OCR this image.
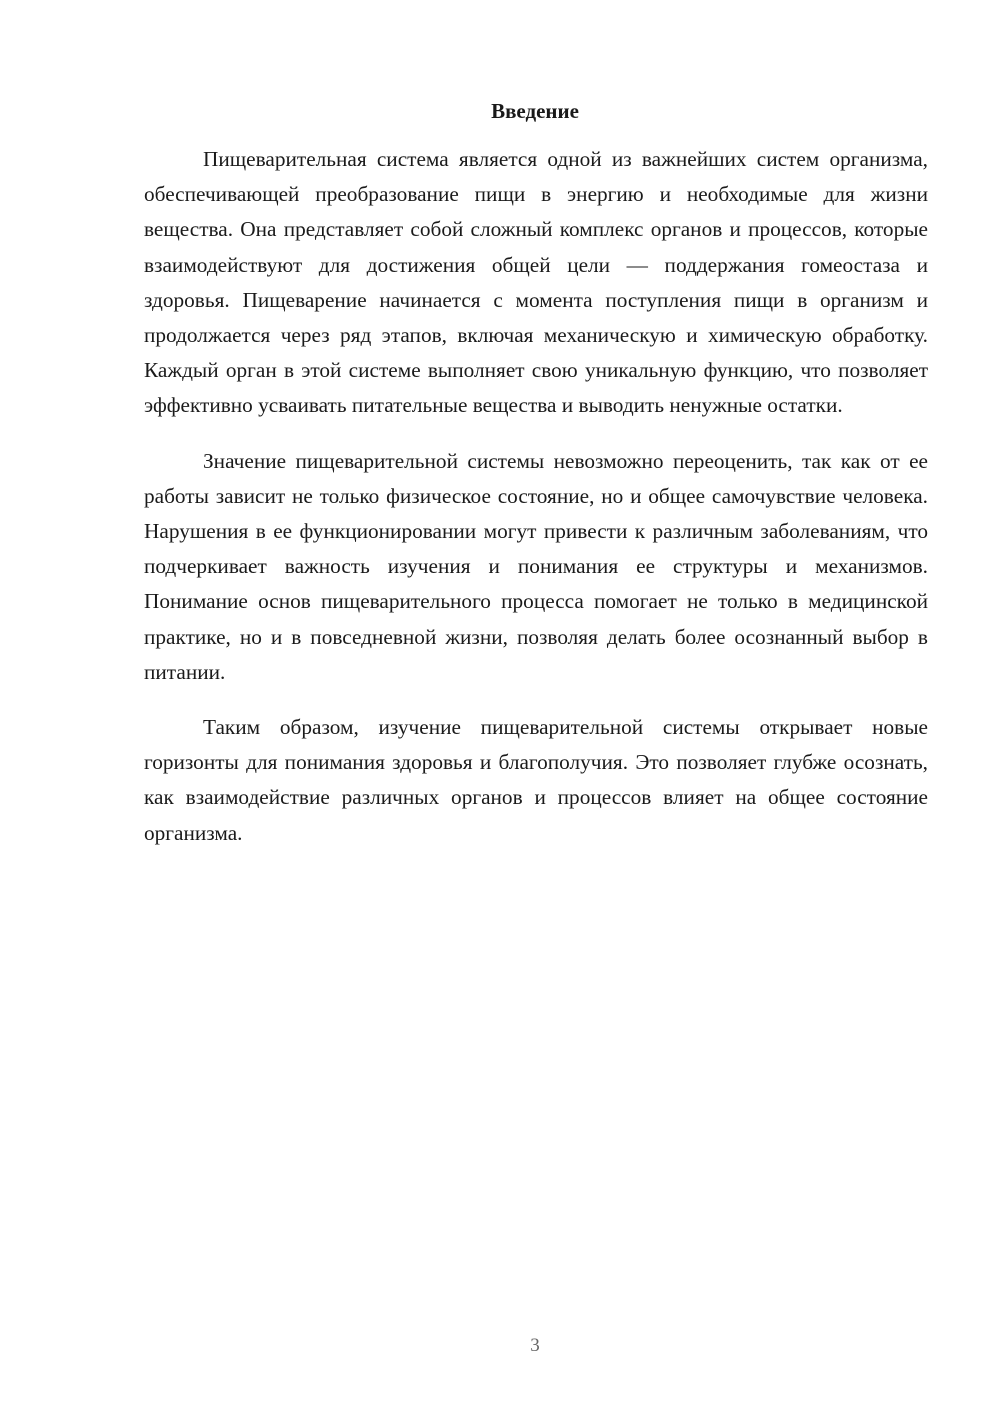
Введение

Пищеварительная система является одной из важнейших систем организма, обеспечивающей преобразование пищи в энергию и необходимые для жизни вещества. Она представляет собой сложный комплекс органов и процессов, которые взаимодействуют для достижения общей цели — поддержания гомеостаза и здоровья. Пищеварение начинается с момента поступления пищи в организм и продолжается через ряд этапов, включая механическую и химическую обработку. Каждый орган в этой системе выполняет свою уникальную функцию, что позволяет эффективно усваивать питательные вещества и выводить ненужные остатки.

Значение пищеварительной системы невозможно переоценить, так как от ее работы зависит не только физическое состояние, но и общее самочувствие человека. Нарушения в ее функционировании могут привести к различным заболеваниям, что подчеркивает важность изучения и понимания ее структуры и механизмов. Понимание основ пищеварительного процесса помогает не только в медицинской практике, но и в повседневной жизни, позволяя делать более осознанный выбор в питании.

Таким образом, изучение пищеварительной системы открывает новые горизонты для понимания здоровья и благополучия. Это позволяет глубже осознать, как взаимодействие различных органов и процессов влияет на общее состояние организма.

3
